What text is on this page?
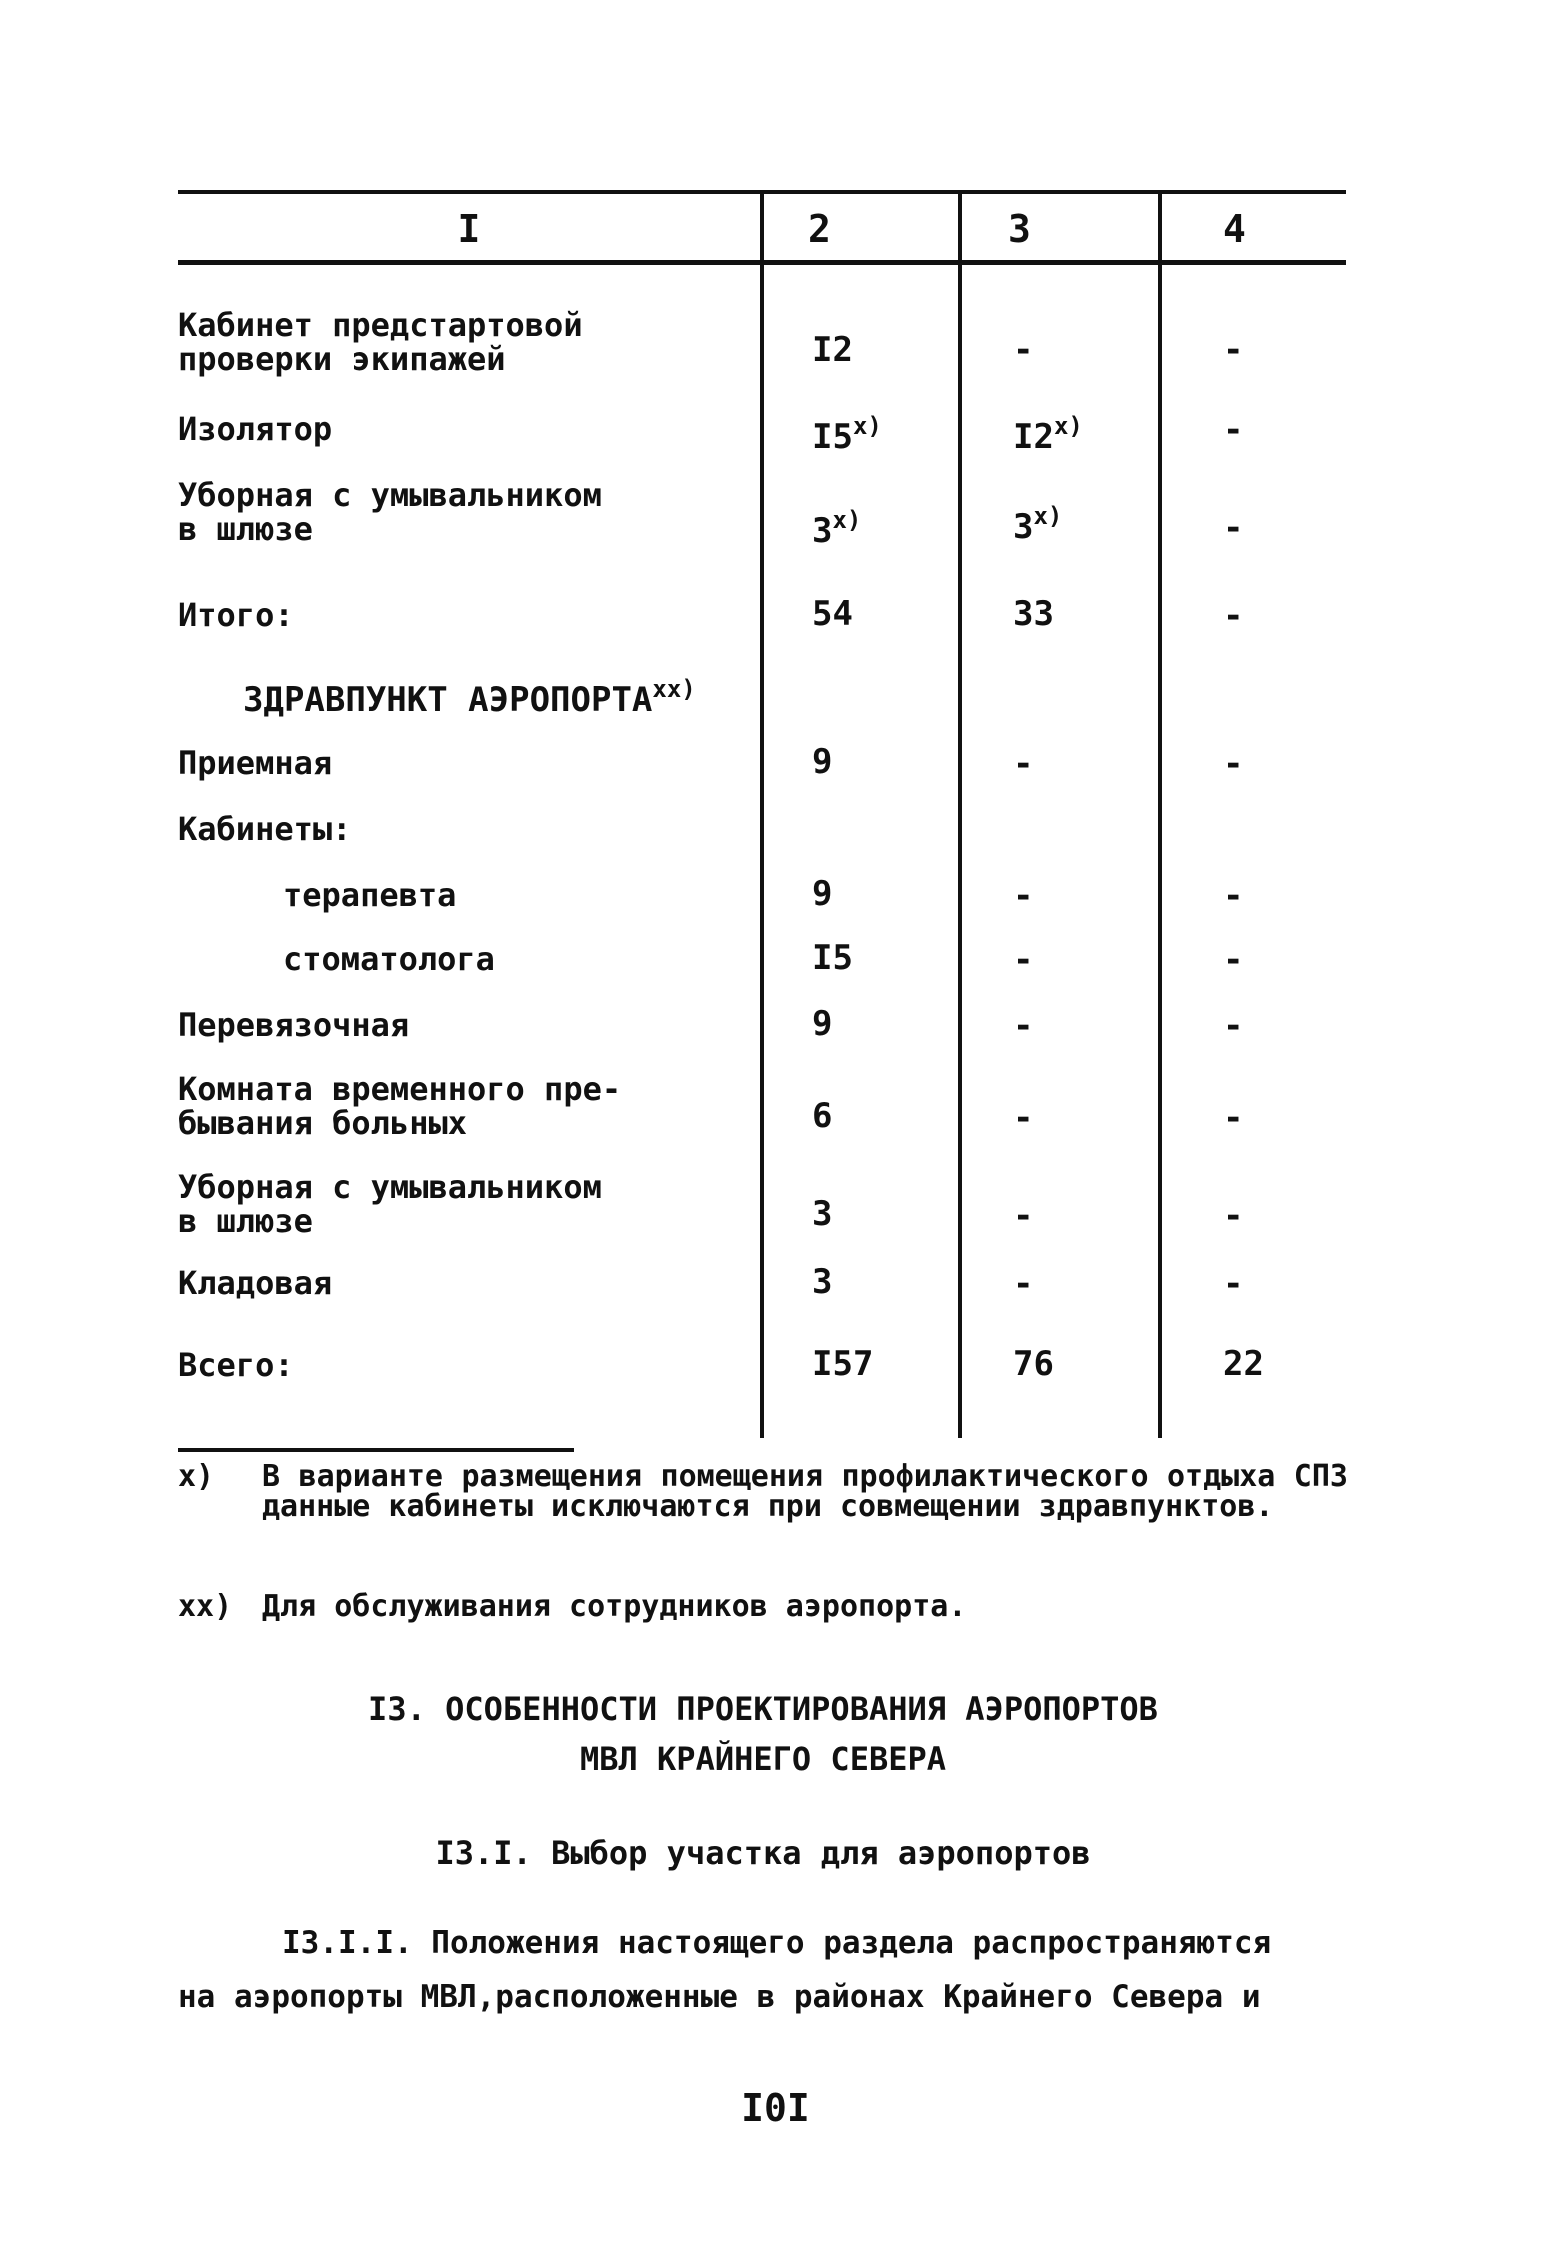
I	2	3	4
Кабинет предстартовой
проверки экипажей	I2	-	-
Изолятор	I5$^{x)}$	I2$^{x)}$	-
Уборная с умывальником
в шлюзе	3$^{x)}$	3$^{x)}$	-
Итого:	54	33	-
ЗДРАВПУНКТ АЭРОПОРТА$^{xx)}$
Приемная	9	-	-
Кабинеты:
терапевта	9	-	-
стоматолога	I5	-	-
Перевязочная	9	-	-
Комната временного пре-
бывания больных	6	-	-
Уборная с умывальником
в шлюзе	3	-	-
Кладовая	3	-	-
Всего:	I57	76	22
x) В варианте размещения помещения профилактического отдыха СПЗ данные кабинеты исключаются при совмещении здравпунктов.
xx) Для обслуживания сотрудников аэропорта.
I3. ОСОБЕННОСТИ ПРОЕКТИРОВАНИЯ АЭРОПОРТОВ
МВЛ КРАЙНЕГО СЕВЕРА
I3.I. Выбор участка для аэропортов
I3.I.I. Положения настоящего раздела распространяются
на аэропорты МВЛ,расположенные в районах Крайнего Севера и
I0I
